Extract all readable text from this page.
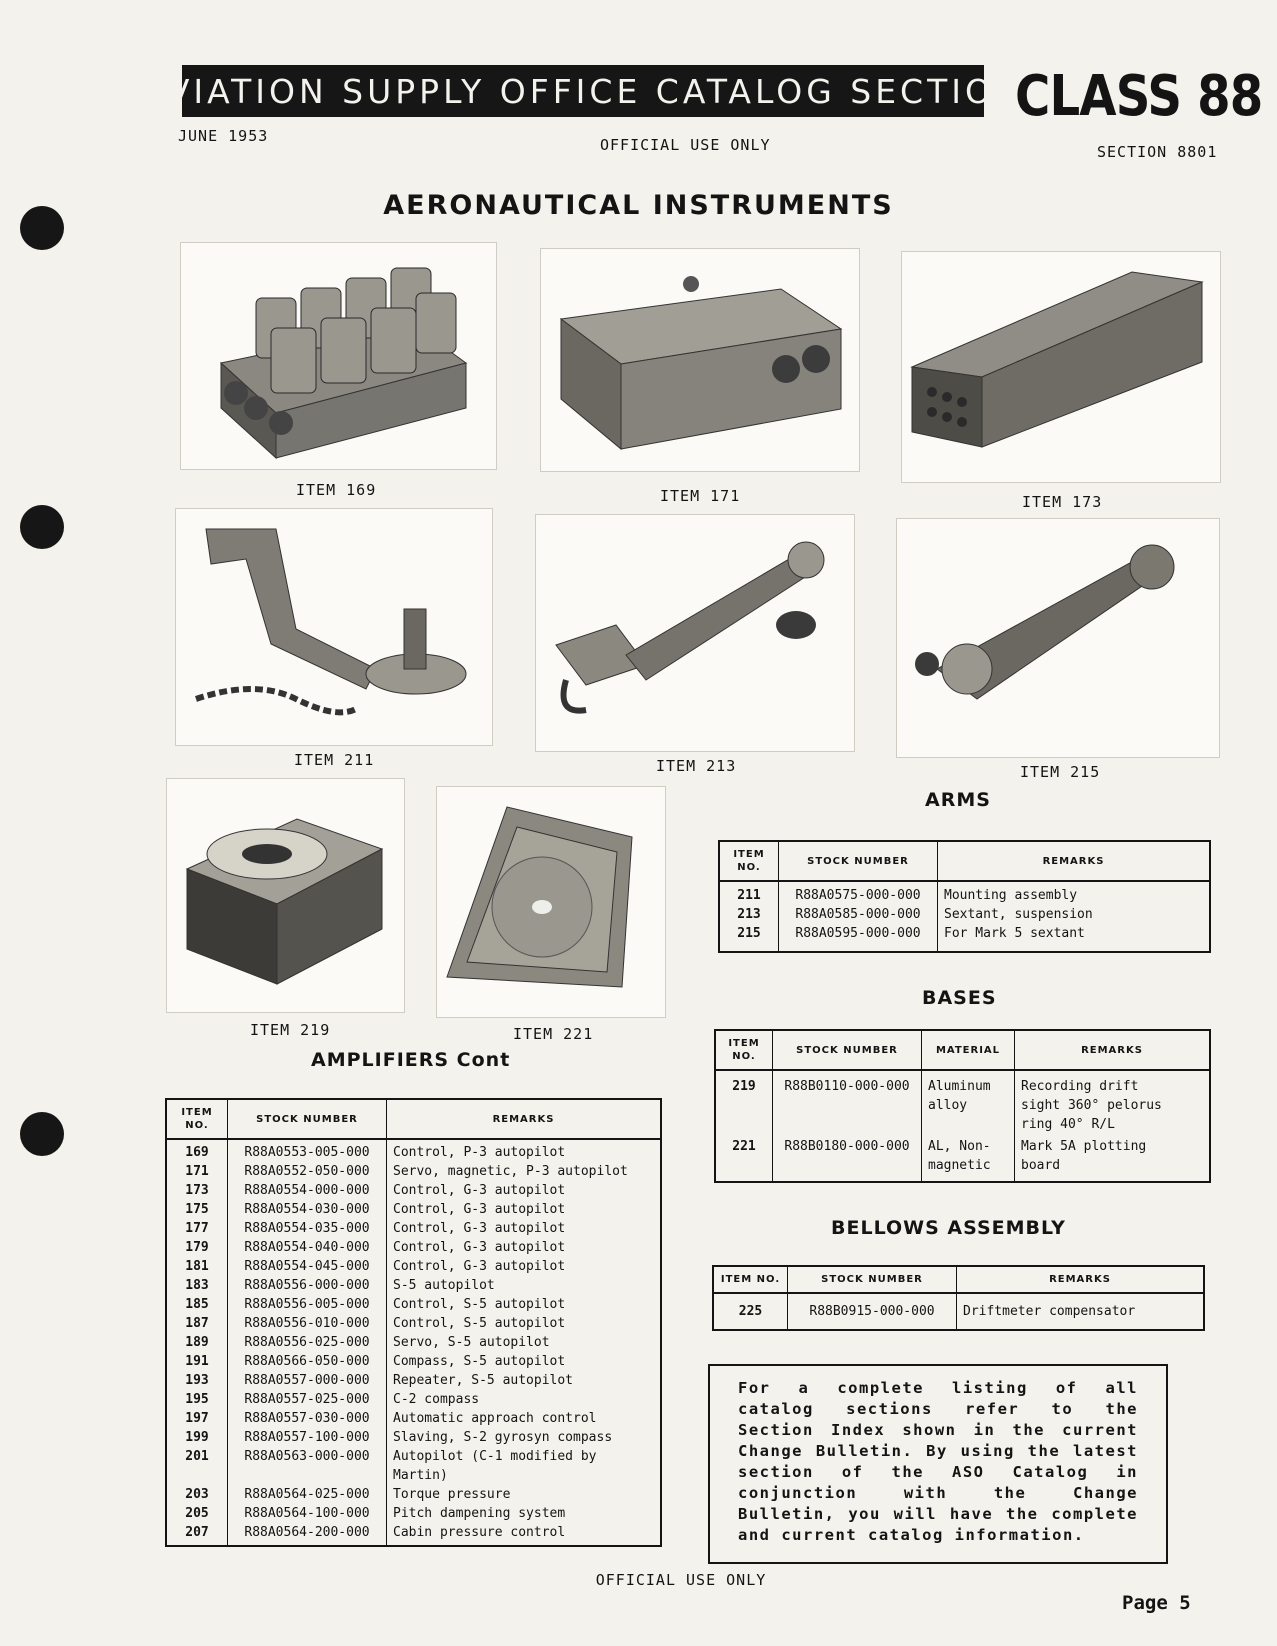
AVIATION SUPPLY OFFICE CATALOG SECTION
CLASS 88
JUNE 1953	OFFICIAL USE ONLY	SECTION 8801
AERONAUTICAL INSTRUMENTS
ITEM 169	ITEM 171	ITEM 173
ITEM 211	ITEM 213	ITEM 215
ITEM 219	ITEM 221
AMPLIFIERS Cont
ITEM NO.	STOCK NUMBER	REMARKS
169	R88A0553-005-000	Control, P-3 autopilot
171	R88A0552-050-000	Servo, magnetic, P-3 autopilot
173	R88A0554-000-000	Control, G-3 autopilot
175	R88A0554-030-000	Control, G-3 autopilot
177	R88A0554-035-000	Control, G-3 autopilot
179	R88A0554-040-000	Control, G-3 autopilot
181	R88A0554-045-000	Control, G-3 autopilot
183	R88A0556-000-000	S-5 autopilot
185	R88A0556-005-000	Control, S-5 autopilot
187	R88A0556-010-000	Control, S-5 autopilot
189	R88A0556-025-000	Servo, S-5 autopilot
191	R88A0566-050-000	Compass, S-5 autopilot
193	R88A0557-000-000	Repeater, S-5 autopilot
195	R88A0557-025-000	C-2 compass
197	R88A0557-030-000	Automatic approach control
199	R88A0557-100-000	Slaving, S-2 gyrosyn compass
201	R88A0563-000-000	Autopilot (C-1 modified by
		Martin)
203	R88A0564-025-000	Torque pressure
205	R88A0564-100-000	Pitch dampening system
207	R88A0564-200-000	Cabin pressure control
ARMS
ITEM NO.	STOCK NUMBER	REMARKS
211	R88A0575-000-000	Mounting assembly
213	R88A0585-000-000	Sextant, suspension
215	R88A0595-000-000	For Mark 5 sextant
BASES
ITEM NO.	STOCK NUMBER	MATERIAL	REMARKS
219	R88B0110-000-000	Aluminum	Recording drift
		alloy	sight 360° pelorus
			ring 40° R/L
221	R88B0180-000-000	AL, Non-	Mark 5A plotting
		magnetic	board
BELLOWS ASSEMBLY
ITEM NO.	STOCK NUMBER	REMARKS
225	R88B0915-000-000	Driftmeter compensator
For a complete listing of all catalog sections refer to the Section Index shown in the current Change Bulletin. By using the latest section of the ASO Catalog in conjunction with the Change Bulletin, you will have the complete and current catalog information.
OFFICIAL USE ONLY
Page 5
